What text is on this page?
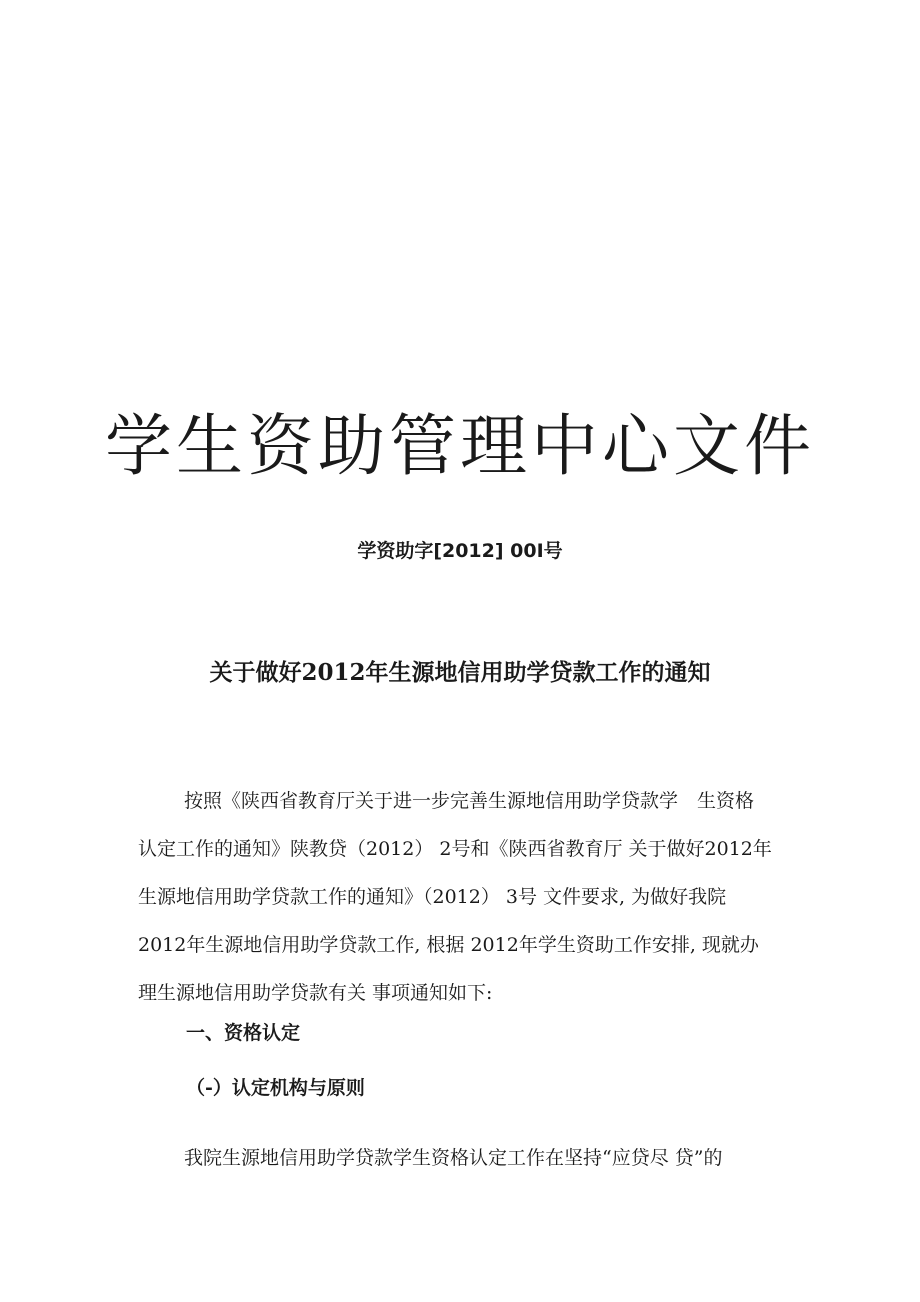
学生资助管理中心文件

学资助字[2012] 00I号

关于做好2012年生源地信用助学贷款工作的通知

按照《陕西省教育厅关于进一步完善生源地信用助学贷款学　生资格
认定工作的通知》陕教贷（2012） 2号和《陕西省教育厅 关于做好2012年
生源地信用助学贷款工作的通知》（2012） 3号 文件要求, 为做好我院
2012年生源地信用助学贷款工作, 根据 2012年学生资助工作安排, 现就办
理生源地信用助学贷款有关 事项通知如下:

一、资格认定
（-）认定机构与原则

我院生源地信用助学贷款学生资格认定工作在坚持“应贷尽 贷”的
